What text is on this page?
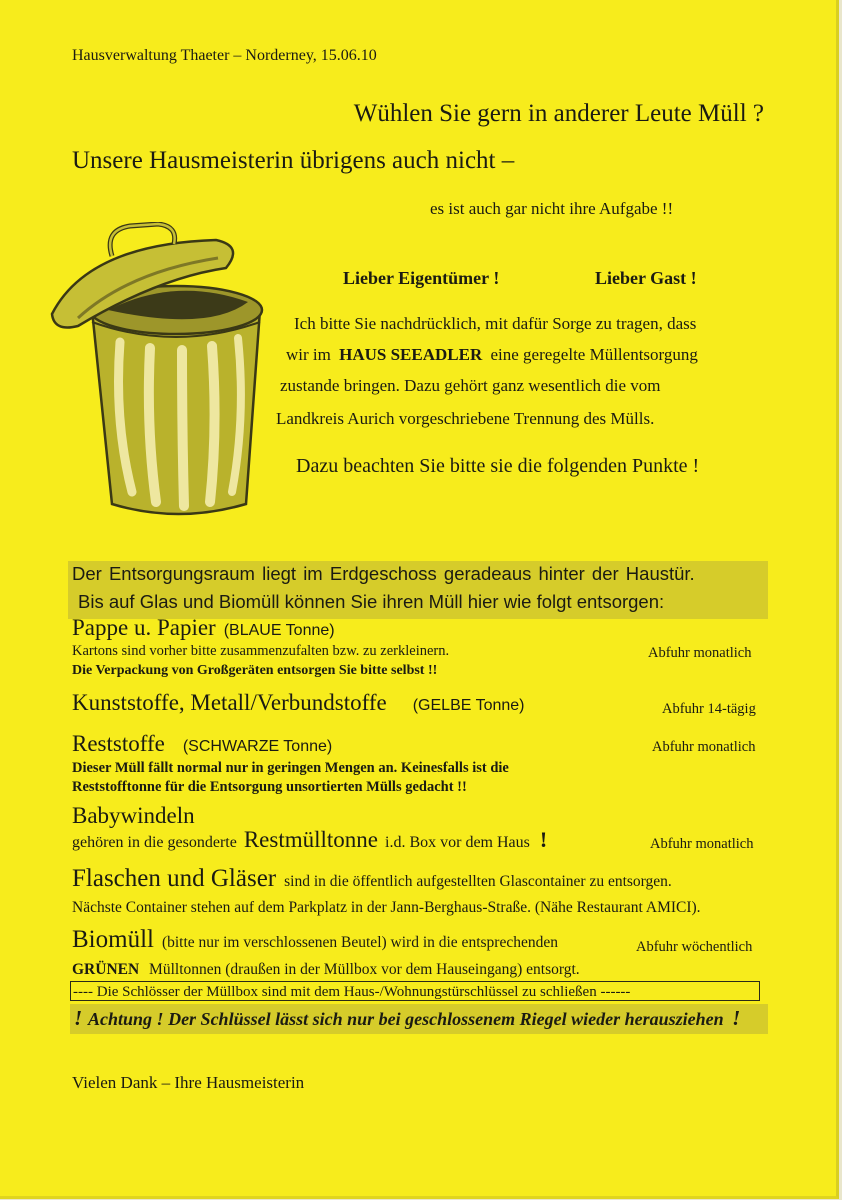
Hausverwaltung Thaeter – Norderney, 15.06.10
Wühlen Sie gern in anderer Leute Müll ?
Unsere Hausmeisterin übrigens auch nicht –
es ist auch gar nicht ihre Aufgabe !!
Lieber Eigentümer !	Lieber Gast !
Ich bitte Sie nachdrücklich, mit dafür Sorge zu tragen, dass
wir im HAUS SEEADLER eine geregelte Müllentsorgung
zustande bringen. Dazu gehört ganz wesentlich die vom
Landkreis Aurich vorgeschriebene Trennung des Mülls.
Dazu beachten Sie bitte sie die folgenden Punkte !
Der Entsorgungsraum liegt im Erdgeschoss geradeaus hinter der Haustür.
Bis auf Glas und Biomüll können Sie ihren Müll hier wie folgt entsorgen:
Pappe u. Papier (BLAUE Tonne)
Kartons sind vorher bitte zusammenzufalten bzw. zu zerkleinern.
Die Verpackung von Großgeräten entsorgen Sie bitte selbst !!
Abfuhr monatlich
Kunststoffe, Metall/Verbundstoffe (GELBE Tonne)	Abfuhr 14-tägig
Reststoffe (SCHWARZE Tonne)	Abfuhr monatlich
Dieser Müll fällt normal nur in geringen Mengen an. Keinesfalls ist die
Reststofftonne für die Entsorgung unsortierten Mülls gedacht !!
Babywindeln
gehören in die gesonderte Restmülltonne i.d. Box vor dem Haus !	Abfuhr monatlich
Flaschen und Gläser sind in die öffentlich aufgestellten Glascontainer zu entsorgen.
Nächste Container stehen auf dem Parkplatz in der Jann-Berghaus-Straße. (Nähe Restaurant AMICI).
Biomüll (bitte nur im verschlossenen Beutel) wird in die entsprechenden	Abfuhr wöchentlich
GRÜNEN Mülltonnen (draußen in der Müllbox vor dem Hauseingang) entsorgt.
---- Die Schlösser der Müllbox sind mit dem Haus-/Wohnungstürschlüssel zu schließen ------
! Achtung ! Der Schlüssel lässt sich nur bei geschlossenem Riegel wieder herausziehen !
Vielen Dank – Ihre Hausmeisterin
